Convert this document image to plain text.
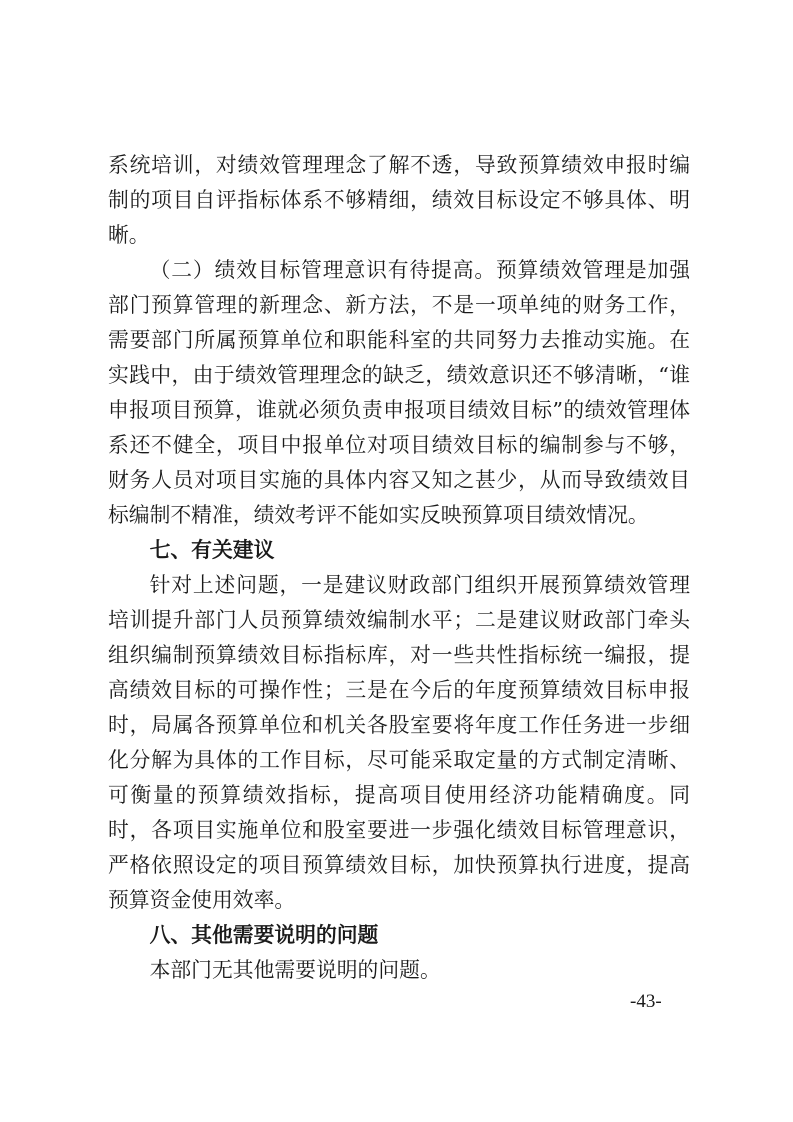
系统培训，对绩效管理理念了解不透，导致预算绩效申报时编制的项目自评指标体系不够精细，绩效目标设定不够具体、明晰。

（二）绩效目标管理意识有待提高。预算绩效管理是加强部门预算管理的新理念、新方法，不是一项单纯的财务工作，需要部门所属预算单位和职能科室的共同努力去推动实施。在实践中，由于绩效管理理念的缺乏，绩效意识还不够清晰，“谁申报项目预算，谁就必须负责申报项目绩效目标”的绩效管理体系还不健全，项目中报单位对项目绩效目标的编制参与不够，财务人员对项目实施的具体内容又知之甚少，从而导致绩效目标编制不精准，绩效考评不能如实反映预算项目绩效情况。

七、有关建议

针对上述问题，一是建议财政部门组织开展预算绩效管理培训提升部门人员预算绩效编制水平；二是建议财政部门牵头组织编制预算绩效目标指标库，对一些共性指标统一编报，提高绩效目标的可操作性；三是在今后的年度预算绩效目标申报时，局属各预算单位和机关各股室要将年度工作任务进一步细化分解为具体的工作目标，尽可能采取定量的方式制定清晰、可衡量的预算绩效指标，提高项目使用经济功能精确度。同时，各项目实施单位和股室要进一步强化绩效目标管理意识，严格依照设定的项目预算绩效目标，加快预算执行进度，提高预算资金使用效率。

八、其他需要说明的问题

本部门无其他需要说明的问题。

-43-
